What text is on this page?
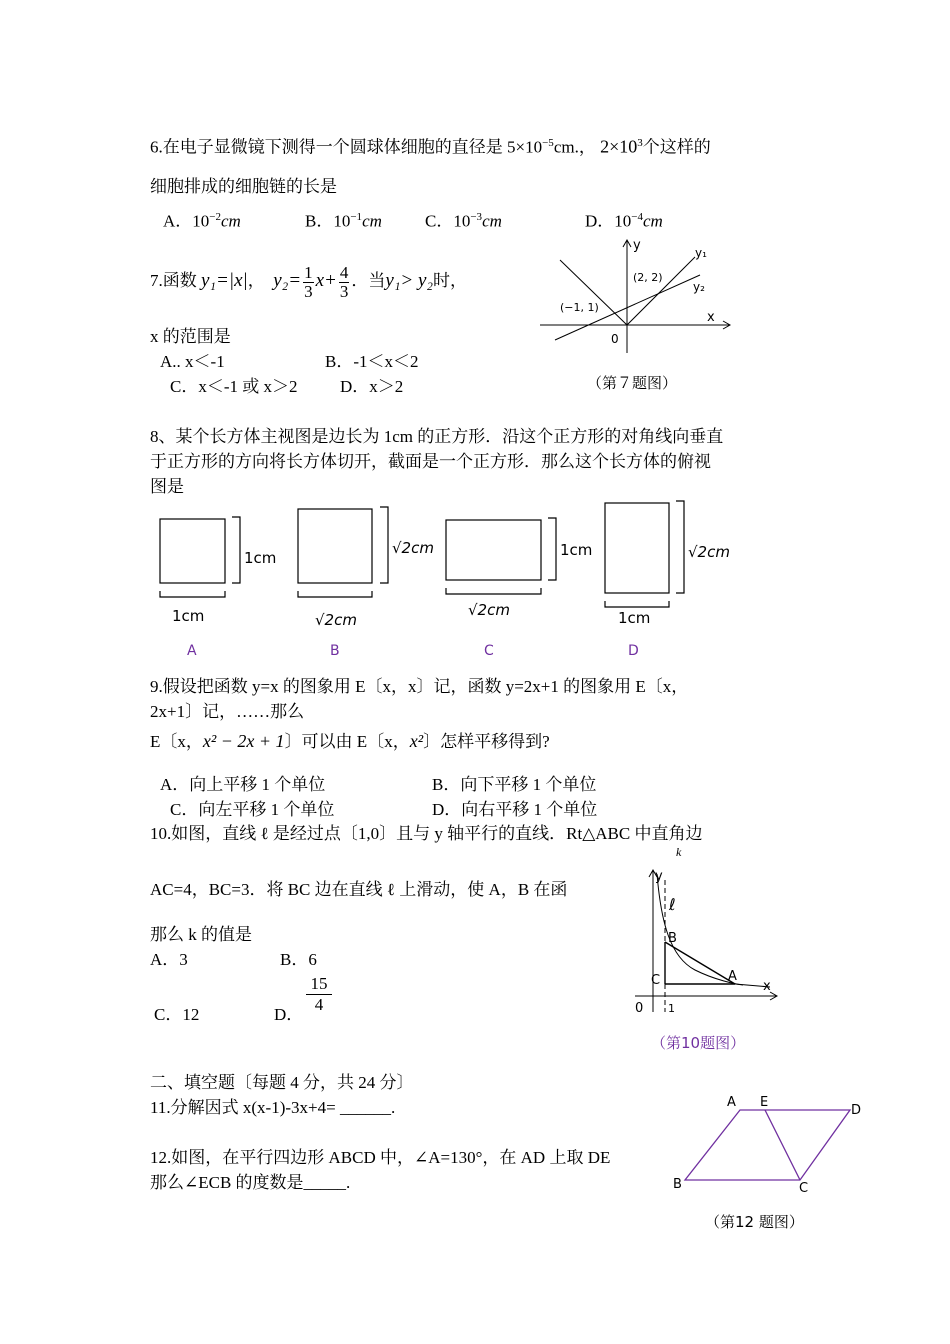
6.在电子显微镜下测得一个圆球体细胞的直径是 $5\times 10^{-5}cm$.， $2\times 10^3$个这样的
细胞排成的细胞链的长是
A．$10^{-2}cm$	B．$10^{-1}cm$	C．$10^{-3}cm$	D．$10^{-4}cm$
7.函数 y₁=|x|， $y_2= \frac{1}{3} x+ \frac{4}{3}$ ．当y₁> y₂时，
x 的范围是
A.. x＜-1	B．-1＜x＜2
C．x＜-1 或 x＞2	D．x＞2
y
x
0
y₁
y₂
(2, 2)
(−1, 1)
（第７题图）
8、某个长方体主视图是边长为 1cm 的正方形．沿这个正方形的对角线向垂直
于正方形的方向将长方体切开，截面是一个正方形．那么这个长方体的俯视
图是
1cm
1cm
√2cm
√2cm
1cm
√2cm
√2cm
1cm
A	B	C	D
9.假设把函数 y=x 的图象用 E〔x，x〕记，函数 y=2x+1 的图象用 E〔x，
2x+1〕记，……那么
E〔x，x² − 2x + 1〕可以由 E〔x，x²〕怎样平移得到?
A．向上平移 1 个单位	B．向下平移 1 个单位
C．向左平移 1 个单位	D．向右平移 1 个单位
10.如图，直线 ℓ 是经过点〔1,0〕且与 y 轴平行的直线．Rt△ABC 中直角边
k
AC=4，BC=3．将 BC 边在直线 ℓ 上滑动，使 A，B 在函
那么 k 的值是
A．3	B．6
C．12	D．
15
4
y
x
0 1
ℓ
B
C	A
（第10题图）
二、填空题〔每题 4 分，共 24 分〕
11.分解因式 x(x-1)-3x+4= ______.
12.如图，在平行四边形 ABCD 中，∠A=130°，在 AD 上取 DE
那么∠ECB 的度数是_____.
A E
D
B	C
（第12 题图）
